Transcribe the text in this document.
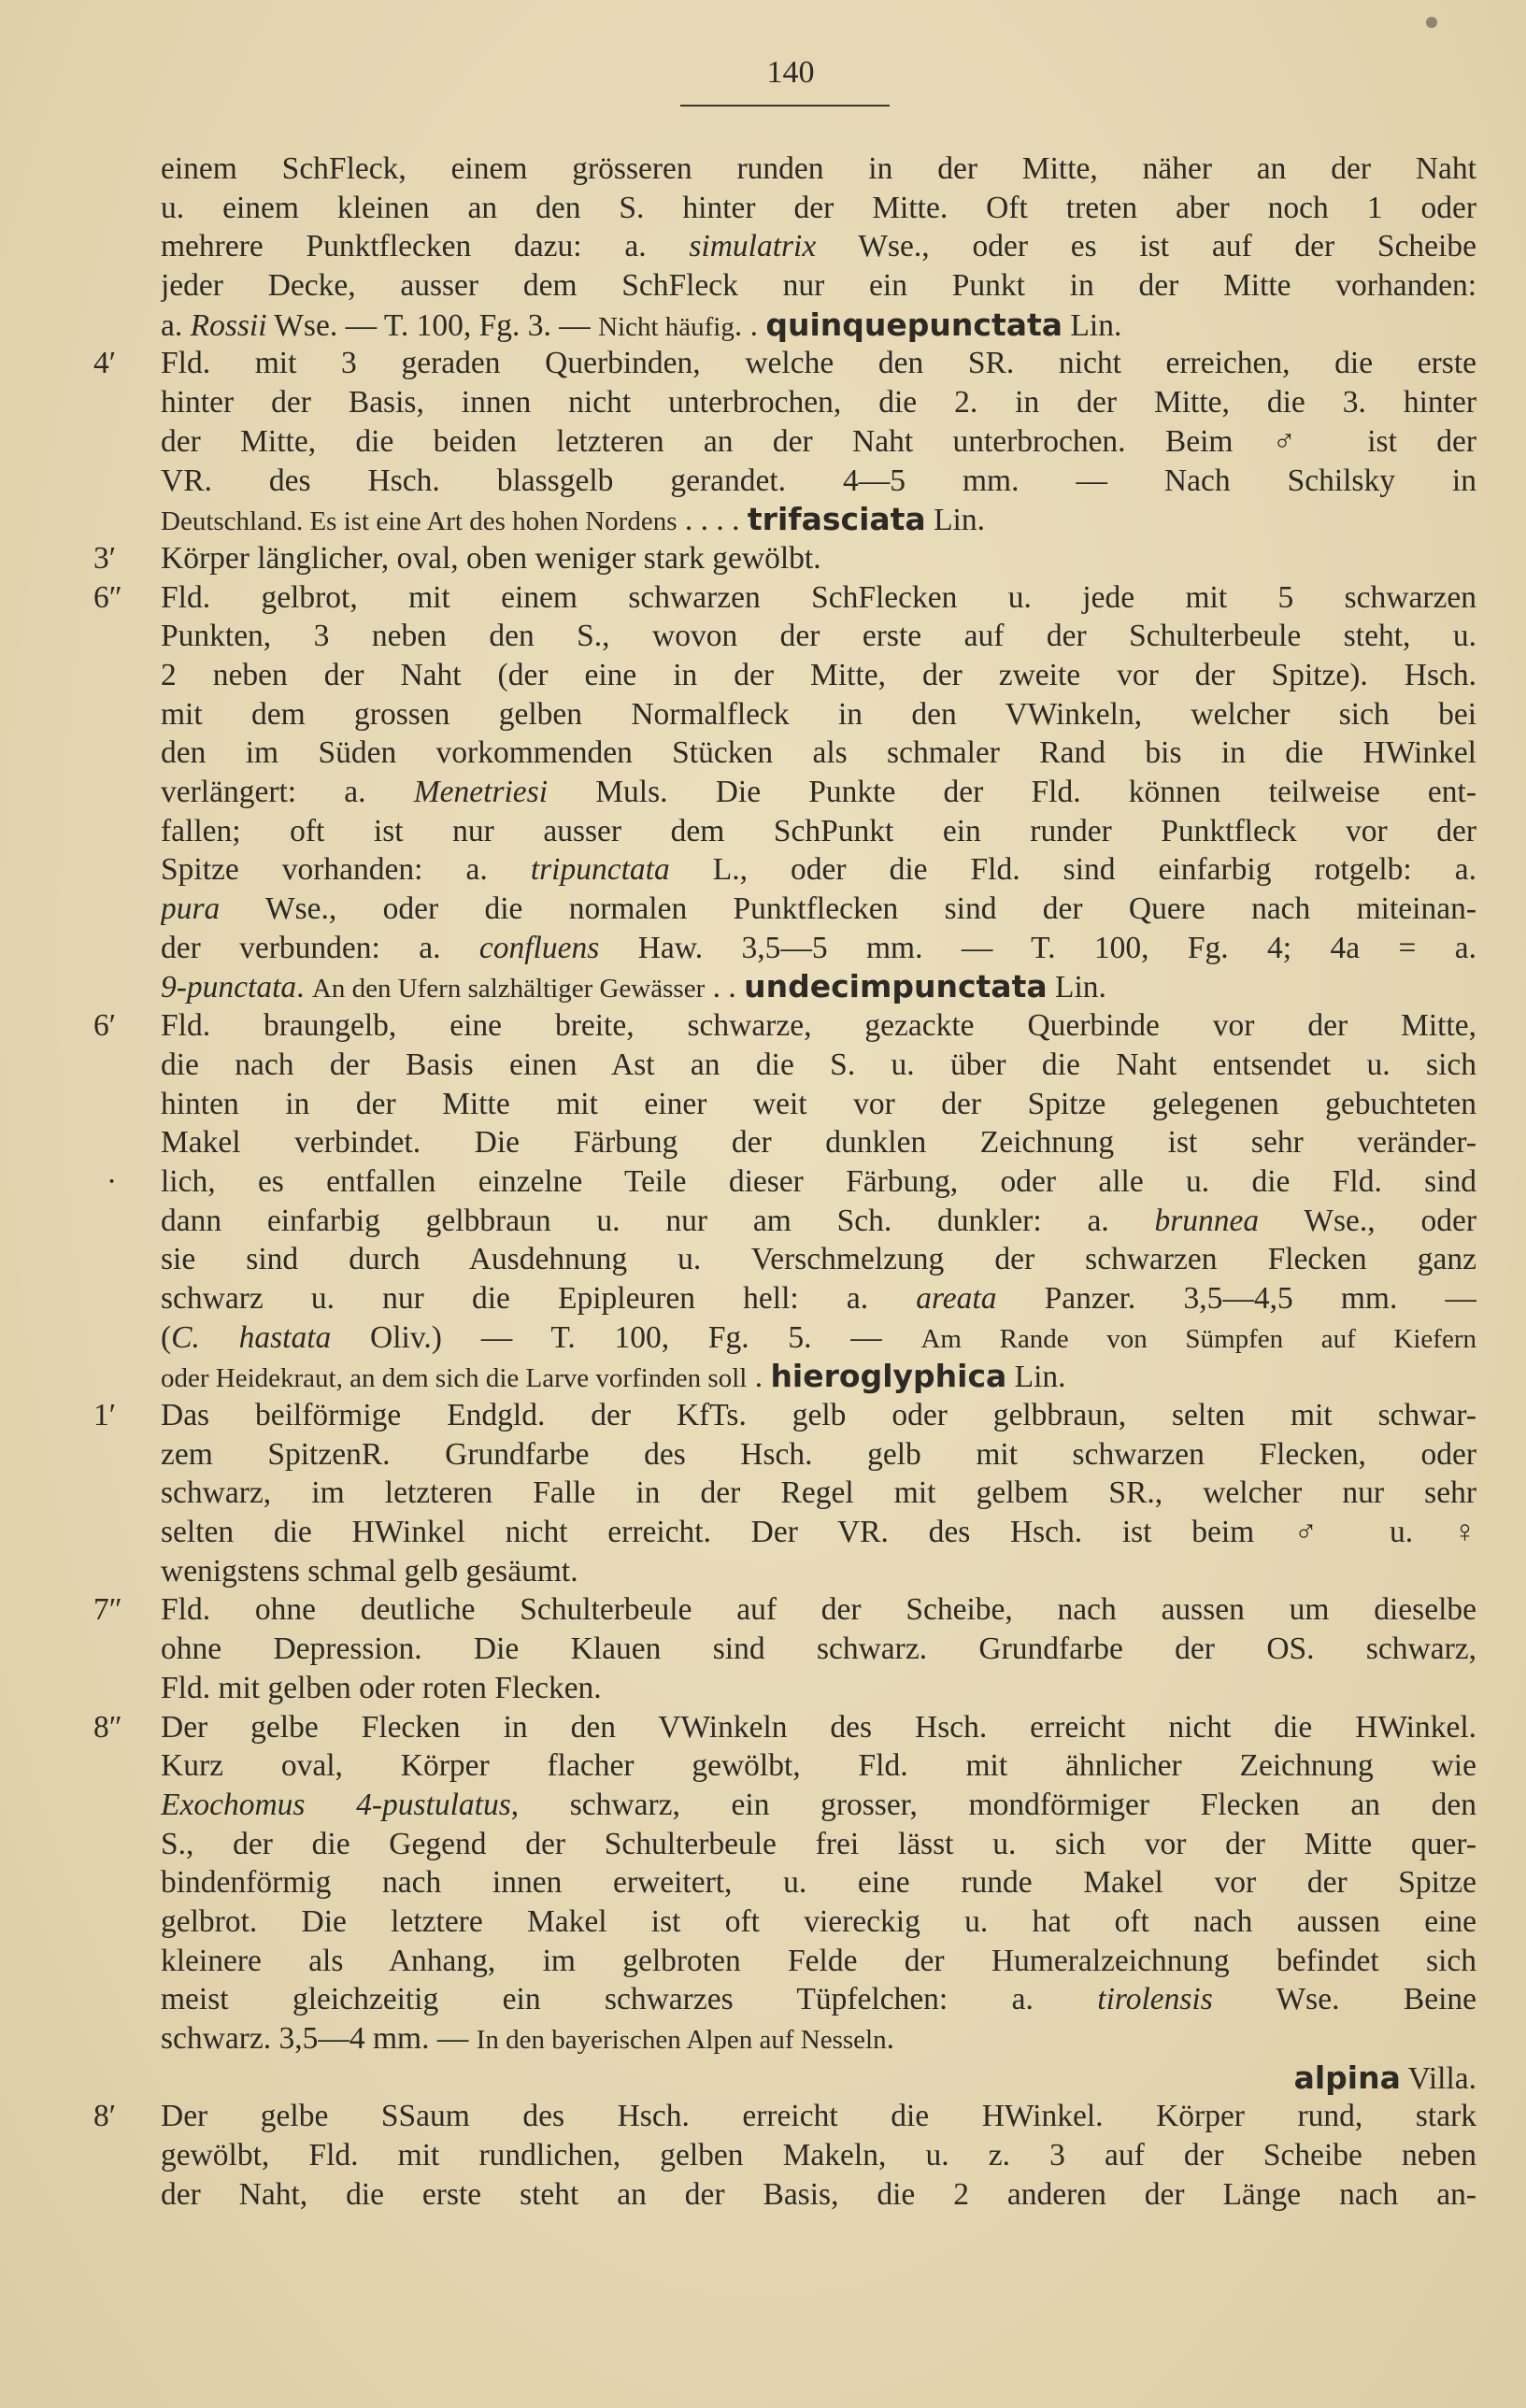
140
einem SchFleck, einem grösseren runden in der Mitte, näher an der Naht
u. einem kleinen an den S. hinter der Mitte. Oft treten aber noch 1 oder
mehrere Punktflecken dazu: a. simulatrix Wse., oder es ist auf der Scheibe
jeder Decke, ausser dem SchFleck nur ein Punkt in der Mitte vorhanden:
a. Rossii Wse. — T. 100, Fg. 3. — Nicht häufig. . quinquepunctata Lin.
4′	Fld. mit 3 geraden Querbinden, welche den SR. nicht erreichen, die erste
hinter der Basis, innen nicht unterbrochen, die 2. in der Mitte, die 3. hinter
der Mitte, die beiden letzteren an der Naht unterbrochen. Beim ♂ ist der
VR. des Hsch. blassgelb gerandet. 4—5 mm. — Nach Schilsky in
Deutschland. Es ist eine Art des hohen Nordens . . . . trifasciata Lin.
3′	Körper länglicher, oval, oben weniger stark gewölbt.
6″	Fld. gelbrot, mit einem schwarzen SchFlecken u. jede mit 5 schwarzen
Punkten, 3 neben den S., wovon der erste auf der Schulterbeule steht, u.
2 neben der Naht (der eine in der Mitte, der zweite vor der Spitze). Hsch.
mit dem grossen gelben Normalfleck in den VWinkeln, welcher sich bei
den im Süden vorkommenden Stücken als schmaler Rand bis in die HWinkel
verlängert: a. Menetriesi Muls. Die Punkte der Fld. können teilweise ent-
fallen; oft ist nur ausser dem SchPunkt ein runder Punktfleck vor der
Spitze vorhanden: a. tripunctata L., oder die Fld. sind einfarbig rotgelb: a.
pura Wse., oder die normalen Punktflecken sind der Quere nach miteinan-
der verbunden: a. confluens Haw. 3,5—5 mm. — T. 100, Fg. 4; 4a = a.
9-punctata. An den Ufern salzhältiger Gewässer . . undecimpunctata Lin.
6′	Fld. braungelb, eine breite, schwarze, gezackte Querbinde vor der Mitte,
die nach der Basis einen Ast an die S. u. über die Naht entsendet u. sich
hinten in der Mitte mit einer weit vor der Spitze gelegenen gebuchteten
Makel verbindet. Die Färbung der dunklen Zeichnung ist sehr veränder-
·	lich, es entfallen einzelne Teile dieser Färbung, oder alle u. die Fld. sind
dann einfarbig gelbbraun u. nur am Sch. dunkler: a. brunnea Wse., oder
sie sind durch Ausdehnung u. Verschmelzung der schwarzen Flecken ganz
schwarz u. nur die Epipleuren hell: a. areata Panzer. 3,5—4,5 mm. —
(C. hastata Oliv.) — T. 100, Fg. 5. — Am Rande von Sümpfen auf Kiefern
oder Heidekraut, an dem sich die Larve vorfinden soll . hieroglyphica Lin.
1′	Das beilförmige Endgld. der KfTs. gelb oder gelbbraun, selten mit schwar-
zem SpitzenR. Grundfarbe des Hsch. gelb mit schwarzen Flecken, oder
schwarz, im letzteren Falle in der Regel mit gelbem SR., welcher nur sehr
selten die HWinkel nicht erreicht. Der VR. des Hsch. ist beim ♂ u. ♀
wenigstens schmal gelb gesäumt.
7″	Fld. ohne deutliche Schulterbeule auf der Scheibe, nach aussen um dieselbe
ohne Depression. Die Klauen sind schwarz. Grundfarbe der OS. schwarz,
Fld. mit gelben oder roten Flecken.
8″	Der gelbe Flecken in den VWinkeln des Hsch. erreicht nicht die HWinkel.
Kurz oval, Körper flacher gewölbt, Fld. mit ähnlicher Zeichnung wie
Exochomus 4-pustulatus, schwarz, ein grosser, mondförmiger Flecken an den
S., der die Gegend der Schulterbeule frei lässt u. sich vor der Mitte quer-
bindenförmig nach innen erweitert, u. eine runde Makel vor der Spitze
gelbrot. Die letztere Makel ist oft viereckig u. hat oft nach aussen eine
kleinere als Anhang, im gelbroten Felde der Humeralzeichnung befindet sich
meist gleichzeitig ein schwarzes Tüpfelchen: a. tirolensis Wse. Beine
schwarz. 3,5—4 mm. — In den bayerischen Alpen auf Nesseln.
alpina Villa.
8′	Der gelbe SSaum des Hsch. erreicht die HWinkel. Körper rund, stark
gewölbt, Fld. mit rundlichen, gelben Makeln, u. z. 3 auf der Scheibe neben
der Naht, die erste steht an der Basis, die 2 anderen der Länge nach an-
